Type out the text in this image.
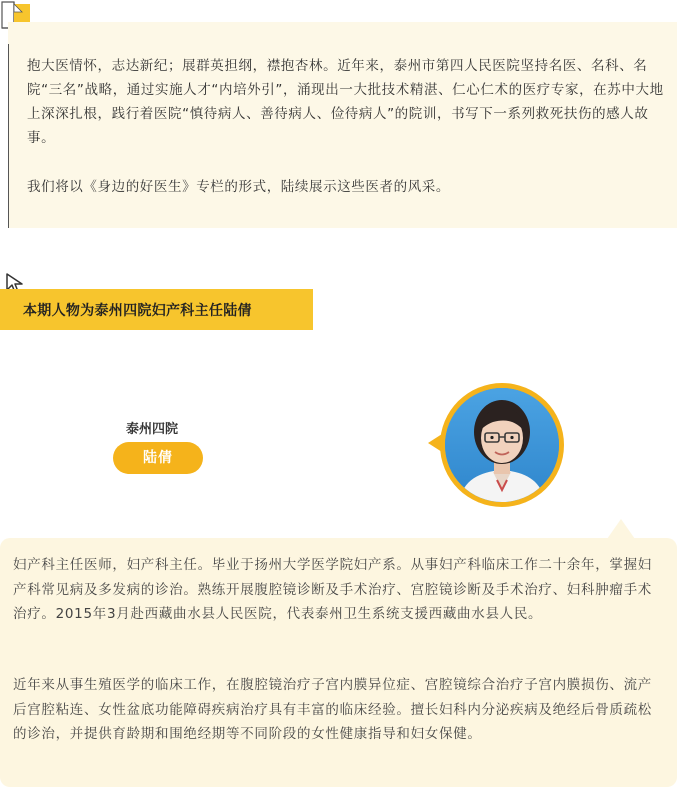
抱大医情怀，志达新纪；展群英担纲，襟抱杏林。近年来，泰州市第四人民医院坚持名医、名科、名院“三名”战略，通过实施人才“内培外引”，涌现出一大批技术精湛、仁心仁术的医疗专家，在苏中大地上深深扎根，践行着医院“慎待病人、善待病人、俭待病人”的院训，书写下一系列救死扶伤的感人故事。

我们将以《身边的好医生》专栏的形式，陆续展示这些医者的风采。

本期人物为泰州四院妇产科主任陆倩
泰州四院
陆倩

妇产科主任医师，妇产科主任。毕业于扬州大学医学院妇产系。从事妇产科临床工作二十余年，掌握妇产科常见病及多发病的诊治。熟练开展腹腔镜诊断及手术治疗、宫腔镜诊断及手术治疗、妇科肿瘤手术治疗。2015年3月赴西藏曲水县人民医院，代表泰州卫生系统支援西藏曲水县人民。

近年来从事生殖医学的临床工作，在腹腔镜治疗子宫内膜异位症、宫腔镜综合治疗子宫内膜损伤、流产后宫腔粘连、女性盆底功能障碍疾病治疗具有丰富的临床经验。擅长妇科内分泌疾病及绝经后骨质疏松的诊治，并提供育龄期和围绝经期等不同阶段的女性健康指导和妇女保健。
